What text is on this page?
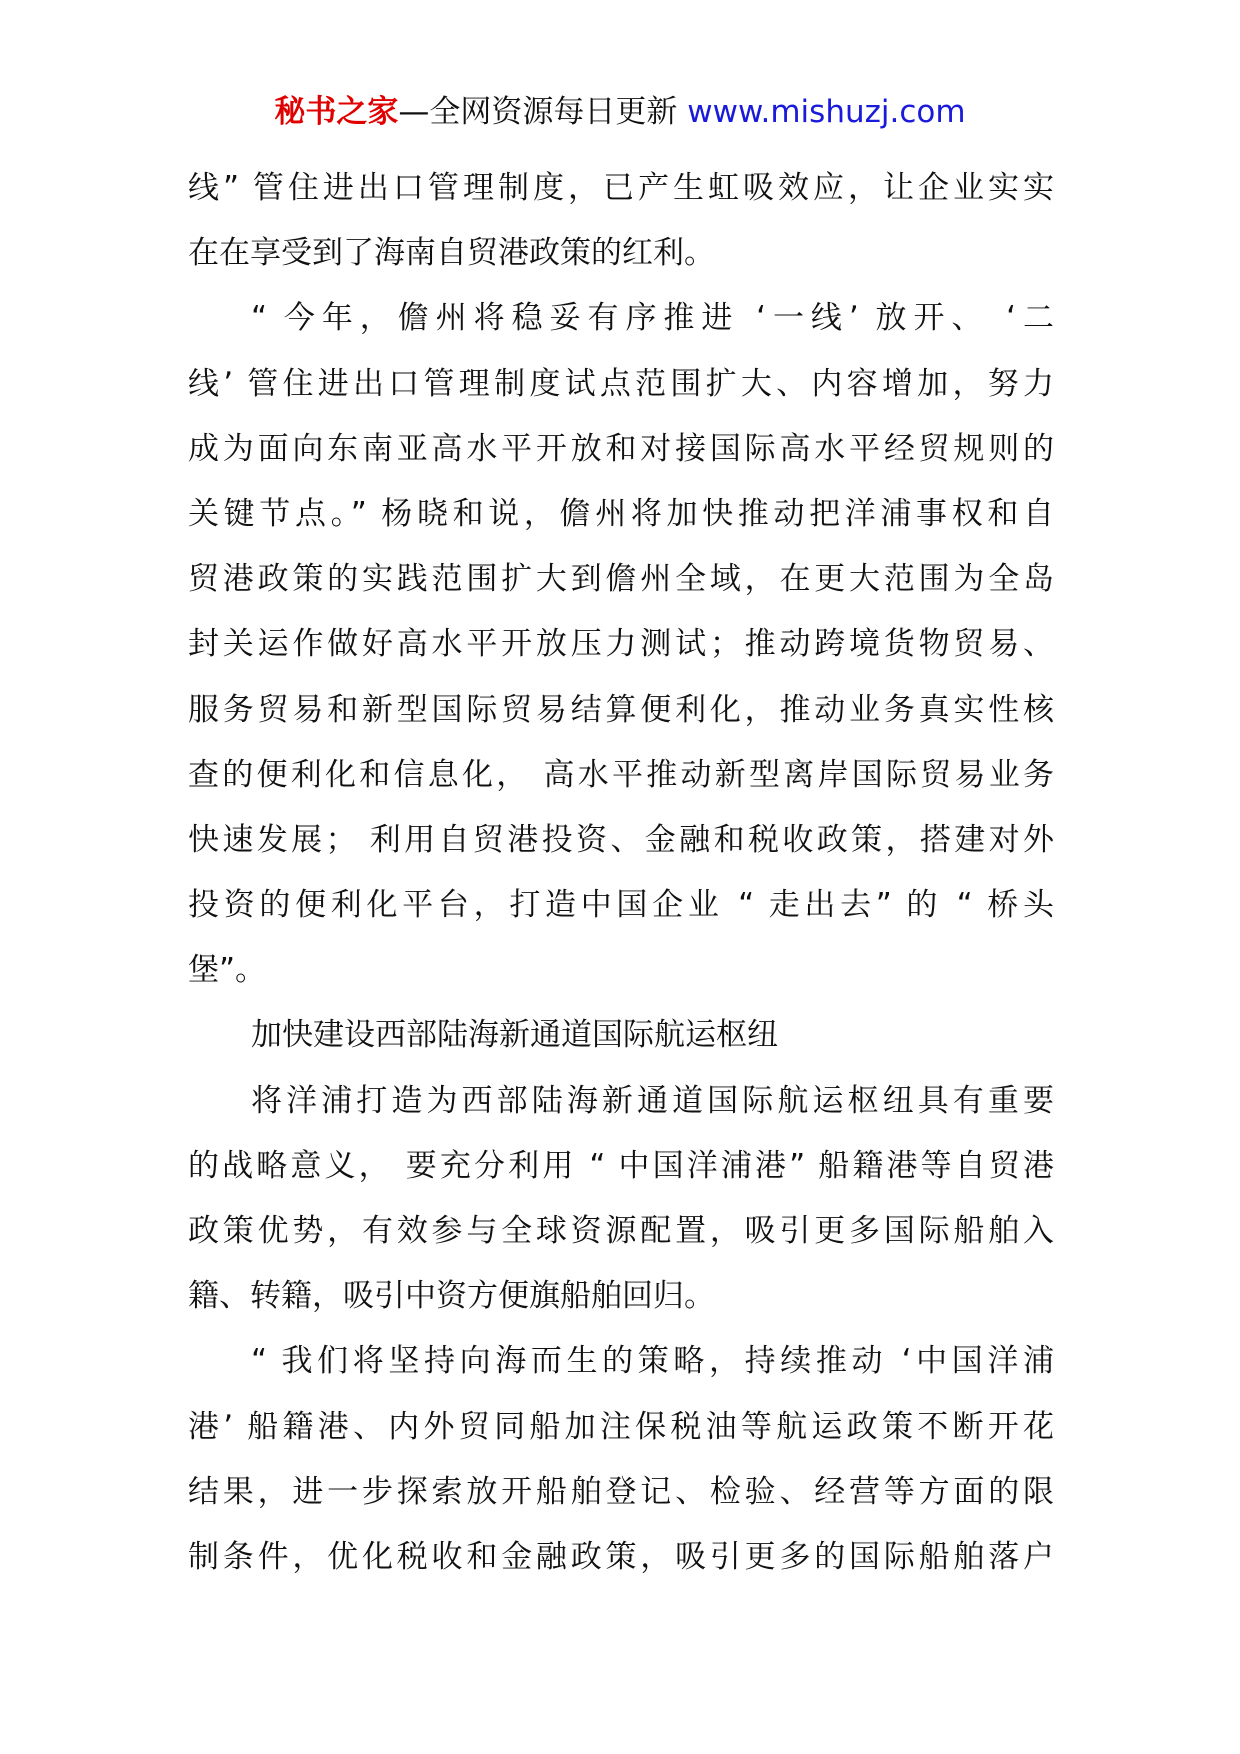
秘书之家—全网资源每日更新 www.mishuzj.com
线” 管住进出口管理制度，已产生虹吸效应，让企业实实
在在享受到了海南自贸港政策的红利。
“ 今年，儋州将稳妥有序推进 ‘一线’ 放开、 ‘二
线’ 管住进出口管理制度试点范围扩大、内容增加，努力
成为面向东南亚高水平开放和对接国际高水平经贸规则的
关键节点。” 杨晓和说，儋州将加快推动把洋浦事权和自
贸港政策的实践范围扩大到儋州全域，在更大范围为全岛
封关运作做好高水平开放压力测试；推动跨境货物贸易、
服务贸易和新型国际贸易结算便利化，推动业务真实性核
查的便利化和信息化， 高水平推动新型离岸国际贸易业务
快速发展； 利用自贸港投资、金融和税收政策，搭建对外
投资的便利化平台，打造中国企业 “ 走出去” 的 “ 桥头
堡”。
加快建设西部陆海新通道国际航运枢纽
将洋浦打造为西部陆海新通道国际航运枢纽具有重要
的战略意义， 要充分利用 “ 中国洋浦港” 船籍港等自贸港
政策优势，有效参与全球资源配置，吸引更多国际船舶入
籍、转籍，吸引中资方便旗船舶回归。
“ 我们将坚持向海而生的策略，持续推动 ‘中国洋浦
港’ 船籍港、内外贸同船加注保税油等航运政策不断开花
结果，进一步探索放开船舶登记、检验、经营等方面的限
制条件，优化税收和金融政策，吸引更多的国际船舶落户
